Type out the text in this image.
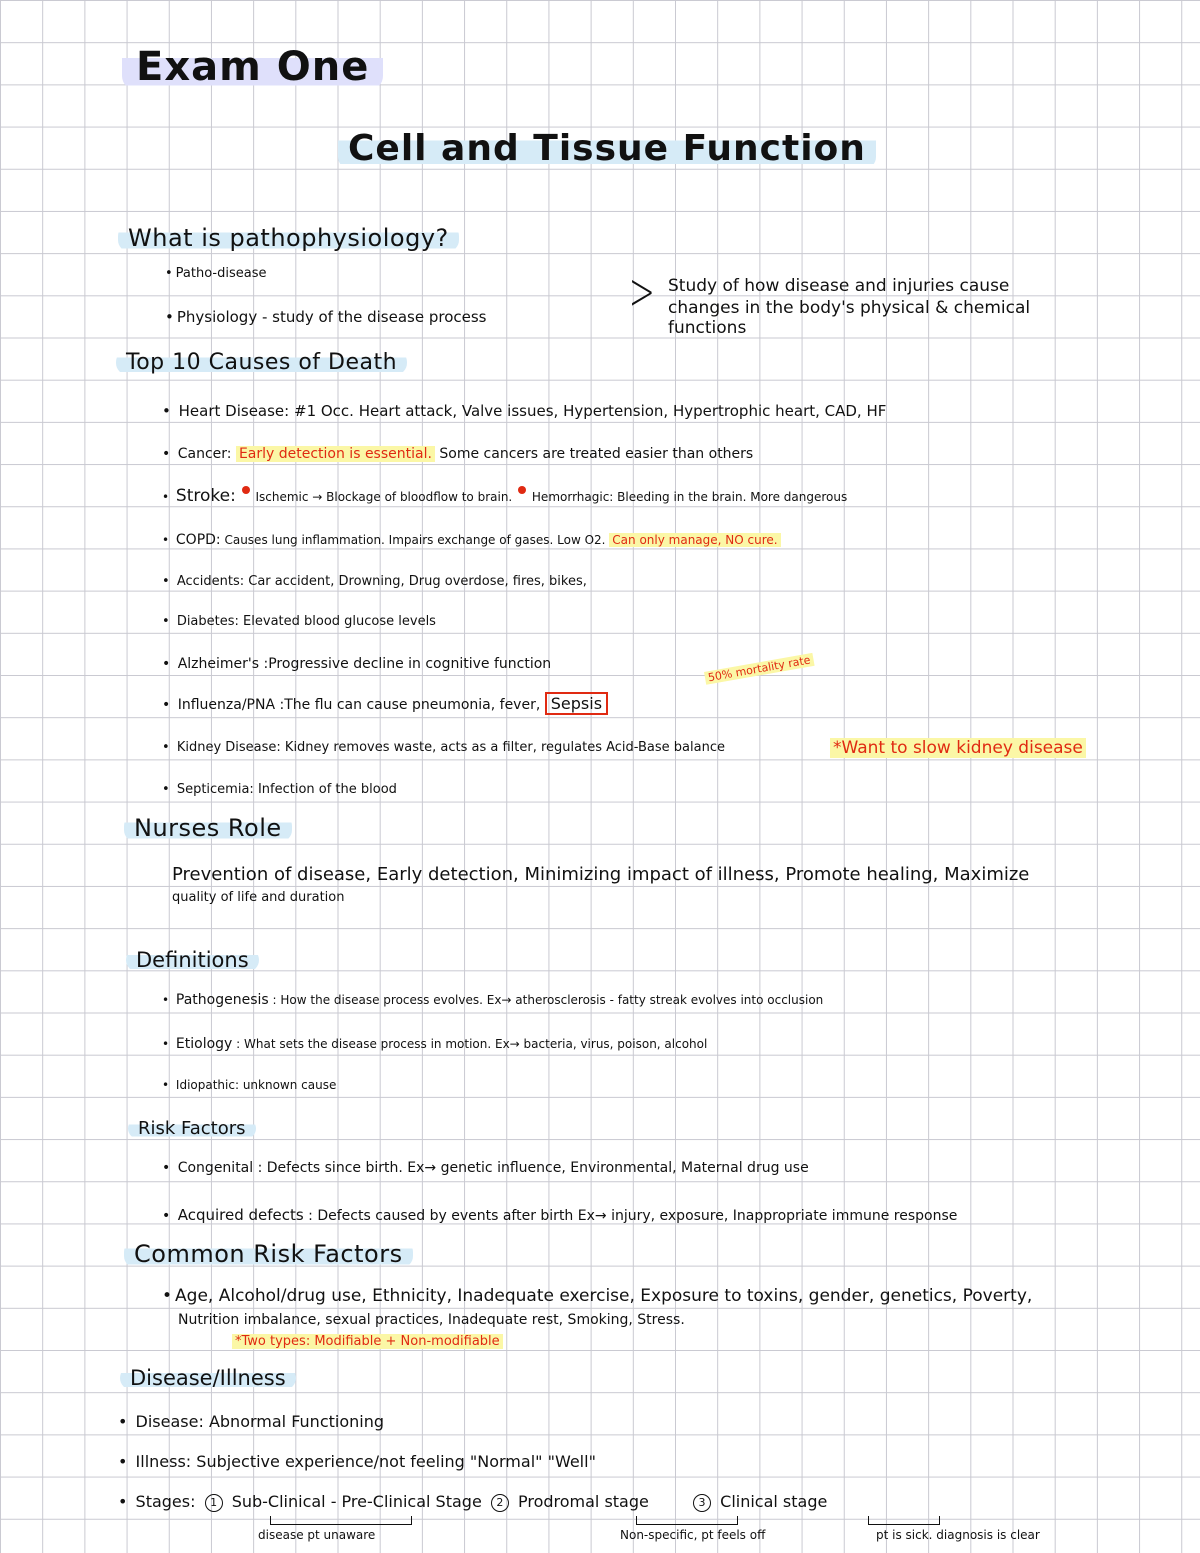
Exam One
Cell and Tissue Function
What is pathophysiology?
• Patho-disease
• Physiology - study of the disease process	> Study of how disease and injuries cause
changes in the body's physical & chemical
functions
Top 10 Causes of Death
• Heart Disease: #1 Occ. Heart attack, Valve issues, Hypertension, Hypertrophic heart, CAD, HF
• Cancer: Early detection is essential. Some cancers are treated easier than others
• Stroke: Ischemic → Blockage of bloodflow to brain. Hemorrhagic: Bleeding in the brain. More dangerous
• COPD: Causes lung inflammation. Impairs exchange of gases. Low O2. Can only manage, NO cure.
• Accidents: Car accident, Drowning, Drug overdose, fires, bikes,
• Diabetes: Elevated blood glucose levels
• Alzheimer's :Progressive decline in cognitive function
• Influenza/PNA :The flu can cause pneumonia, fever, Sepsis
50% mortality rate
• Kidney Disease: Kidney removes waste, acts as a filter, regulates Acid-Base balance	*Want to slow kidney disease
• Septicemia: Infection of the blood
Nurses Role
Prevention of disease, Early detection, Minimizing impact of illness, Promote healing, Maximize
quality of life and duration
Definitions
• Pathogenesis : How the disease process evolves. Ex→ atherosclerosis - fatty streak evolves into occlusion
• Etiology : What sets the disease process in motion. Ex→ bacteria, virus, poison, alcohol
• Idiopathic: unknown cause
Risk Factors
• Congenital : Defects since birth. Ex→ genetic influence, Environmental, Maternal drug use
• Acquired defects : Defects caused by events after birth Ex→ injury, exposure, Inappropriate immune response
Common Risk Factors
• Age, Alcohol/drug use, Ethnicity, Inadequate exercise, Exposure to toxins, gender, genetics, Poverty,
Nutrition imbalance, sexual practices, Inadequate rest, Smoking, Stress.
*Two types: Modifiable + Non-modifiable
Disease/Illness
• Disease: Abnormal Functioning
• Illness: Subjective experience/not feeling "Normal" "Well"
• Stages: 1 Sub-Clinical - Pre-Clinical Stage 2 Prodromal stage	3 Clinical stage
disease pt unaware	Non-specific, pt feels off	pt is sick. diagnosis is clear
